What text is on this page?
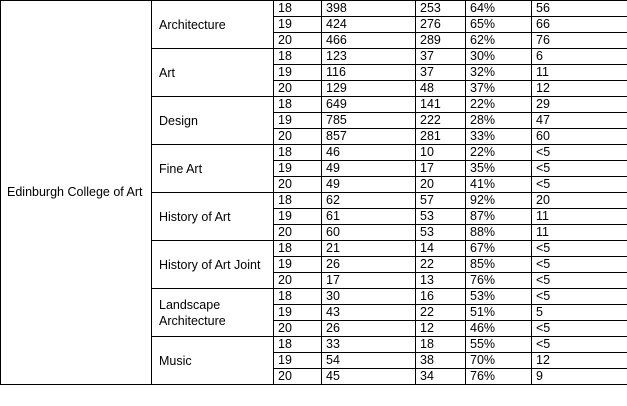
Edinburgh College of Art	Architecture	18	398	253	64%	56
		19	424	276	65%	66
		20	466	289	62%	76
	Art	18	123	37	30%	6
		19	116	37	32%	11
		20	129	48	37%	12
	Design	18	649	141	22%	29
		19	785	222	28%	47
		20	857	281	33%	60
	Fine Art	18	46	10	22%	<5
		19	49	17	35%	<5
		20	49	20	41%	<5
	History of Art	18	62	57	92%	20
		19	61	53	87%	11
		20	60	53	88%	11
	History of Art Joint	18	21	14	67%	<5
		19	26	22	85%	<5
		20	17	13	76%	<5
	Landscape Architecture	18	30	16	53%	<5
		19	43	22	51%	5
		20	26	12	46%	<5
	Music	18	33	18	55%	<5
		19	54	38	70%	12
		20	45	34	76%	9
